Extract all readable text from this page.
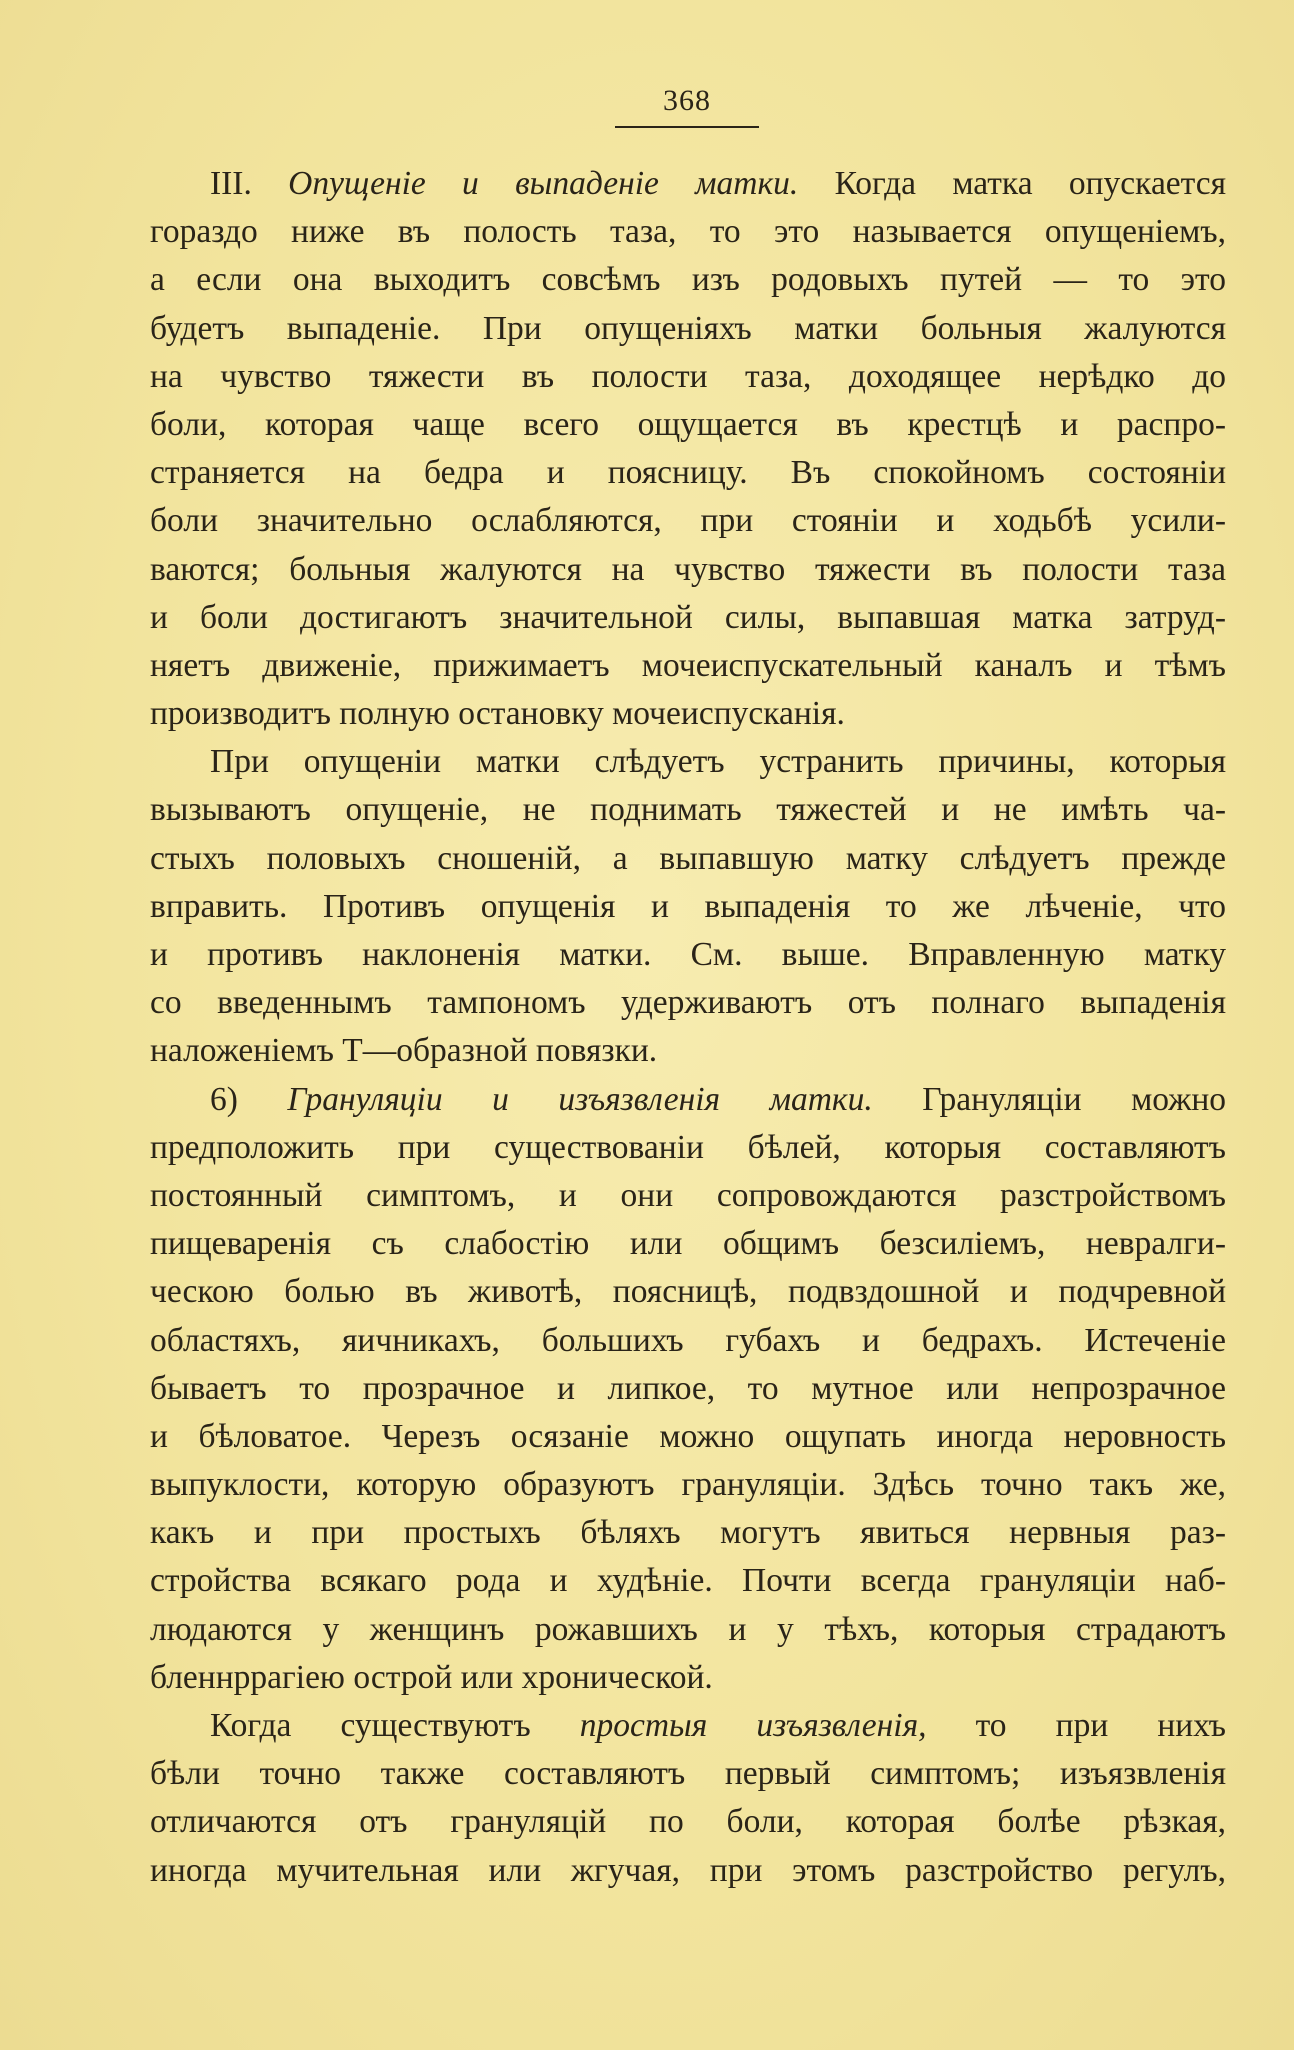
368
III. Опущеніе и выпаденіе матки. Когда матка опускается
гораздо ниже въ полость таза, то это называется опущеніемъ,
а если она выходитъ совсѣмъ изъ родовыхъ путей — то это
будетъ выпаденіе. При опущеніяхъ матки больныя жалуются
на чувство тяжести въ полости таза, доходящее нерѣдко до
боли, которая чаще всего ощущается въ крестцѣ и распро-
страняется на бедра и поясницу. Въ спокойномъ состояніи
боли значительно ослабляются, при стояніи и ходьбѣ усили-
ваются; больныя жалуются на чувство тяжести въ полости таза
и боли достигаютъ значительной силы, выпавшая матка затруд-
няетъ движеніе, прижимаетъ мочеиспускательный каналъ и тѣмъ
производитъ полную остановку мочеиспусканія.
При опущеніи матки слѣдуетъ устранить причины, которыя
вызываютъ опущеніе, не поднимать тяжестей и не имѣть ча-
стыхъ половыхъ сношеній, а выпавшую матку слѣдуетъ прежде
вправить. Противъ опущенія и выпаденія то же лѣченіе, что
и противъ наклоненія матки. См. выше. Вправленную матку
со введеннымъ тампономъ удерживаютъ отъ полнаго выпаденія
наложеніемъ Т—образной повязки.
6) Грануляціи и изъязвленія матки. Грануляціи можно
предположить при существованіи бѣлей, которыя составляютъ
постоянный симптомъ, и они сопровождаются разстройствомъ
пищеваренія съ слабостію или общимъ безсиліемъ, невралги-
ческою болью въ животѣ, поясницѣ, подвздошной и подчревной
областяхъ, яичникахъ, большихъ губахъ и бедрахъ. Истеченіе
бываетъ то прозрачное и липкое, то мутное или непрозрачное
и бѣловатое. Черезъ осязаніе можно ощупать иногда неровность
выпуклости, которую образуютъ грануляціи. Здѣсь точно такъ же,
какъ и при простыхъ бѣляхъ могутъ явиться нервныя раз-
стройства всякаго рода и худѣніе. Почти всегда грануляціи наб-
людаются у женщинъ рожавшихъ и у тѣхъ, которыя страдаютъ
бленнррагіею острой или хронической.
Когда существуютъ простыя изъязвленія, то при нихъ
бѣли точно также составляютъ первый симптомъ; изъязвленія
отличаются отъ грануляцій по боли, которая болѣе рѣзкая,
иногда мучительная или жгучая, при этомъ разстройство регулъ,
